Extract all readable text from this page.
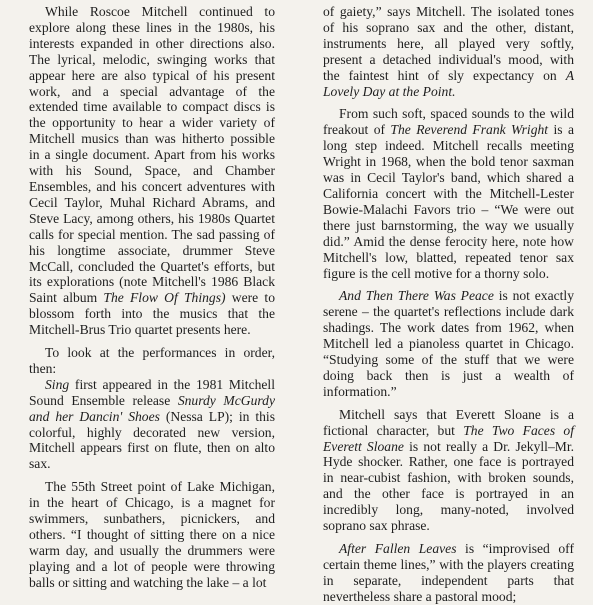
While Roscoe Mitchell continued to explore along these lines in the 1980s, his interests expanded in other directions also. The lyrical, melodic, swinging works that appear here are also typical of his present work, and a special advantage of the extended time available to compact discs is the opportunity to hear a wider variety of Mitchell musics than was hitherto possible in a single document. Apart from his works with his Sound, Space, and Chamber Ensembles, and his concert adventures with Cecil Taylor, Muhal Richard Abrams, and Steve Lacy, among others, his 1980s Quartet calls for special mention. The sad passing of his longtime associate, drummer Steve McCall, concluded the Quartet's efforts, but its explorations (note Mitchell's 1986 Black Saint album The Flow Of Things) were to blossom forth into the musics that the Mitchell-Brus Trio quartet presents here.

To look at the performances in order, then:

Sing first appeared in the 1981 Mitchell Sound Ensemble release Snurdy McGurdy and her Dancin' Shoes (Nessa LP); in this colorful, highly decorated new version, Mitchell appears first on flute, then on alto sax.

The 55th Street point of Lake Michigan, in the heart of Chicago, is a magnet for swimmers, sunbathers, picnickers, and others. “I thought of sitting there on a nice warm day, and usually the drummers were playing and a lot of people were throwing balls or sitting and watching the lake – a lot

of gaiety,” says Mitchell. The isolated tones of his soprano sax and the other, distant, instruments here, all played very softly, present a detached individual's mood, with the faintest hint of sly expectancy on A Lovely Day at the Point.

From such soft, spaced sounds to the wild freakout of The Reverend Frank Wright is a long step indeed. Mitchell recalls meeting Wright in 1968, when the bold tenor saxman was in Cecil Taylor's band, which shared a California concert with the Mitchell-Lester Bowie-Malachi Favors trio – “We were out there just barnstorming, the way we usually did.” Amid the dense ferocity here, note how Mitchell's low, blatted, repeated tenor sax figure is the cell motive for a thorny solo.

And Then There Was Peace is not exactly serene – the quartet's reflections include dark shadings. The work dates from 1962, when Mitchell led a pianoless quartet in Chicago. “Studying some of the stuff that we were doing back then is just a wealth of information.”

Mitchell says that Everett Sloane is a fictional character, but The Two Faces of Everett Sloane is not really a Dr. Jekyll–Mr. Hyde shocker. Rather, one face is portrayed in near-cubist fashion, with broken sounds, and the other face is portrayed in an incredibly long, many-noted, involved soprano sax phrase.

After Fallen Leaves is “improvised off certain theme lines,” with the players creating in separate, independent parts that nevertheless share a pastoral mood;
